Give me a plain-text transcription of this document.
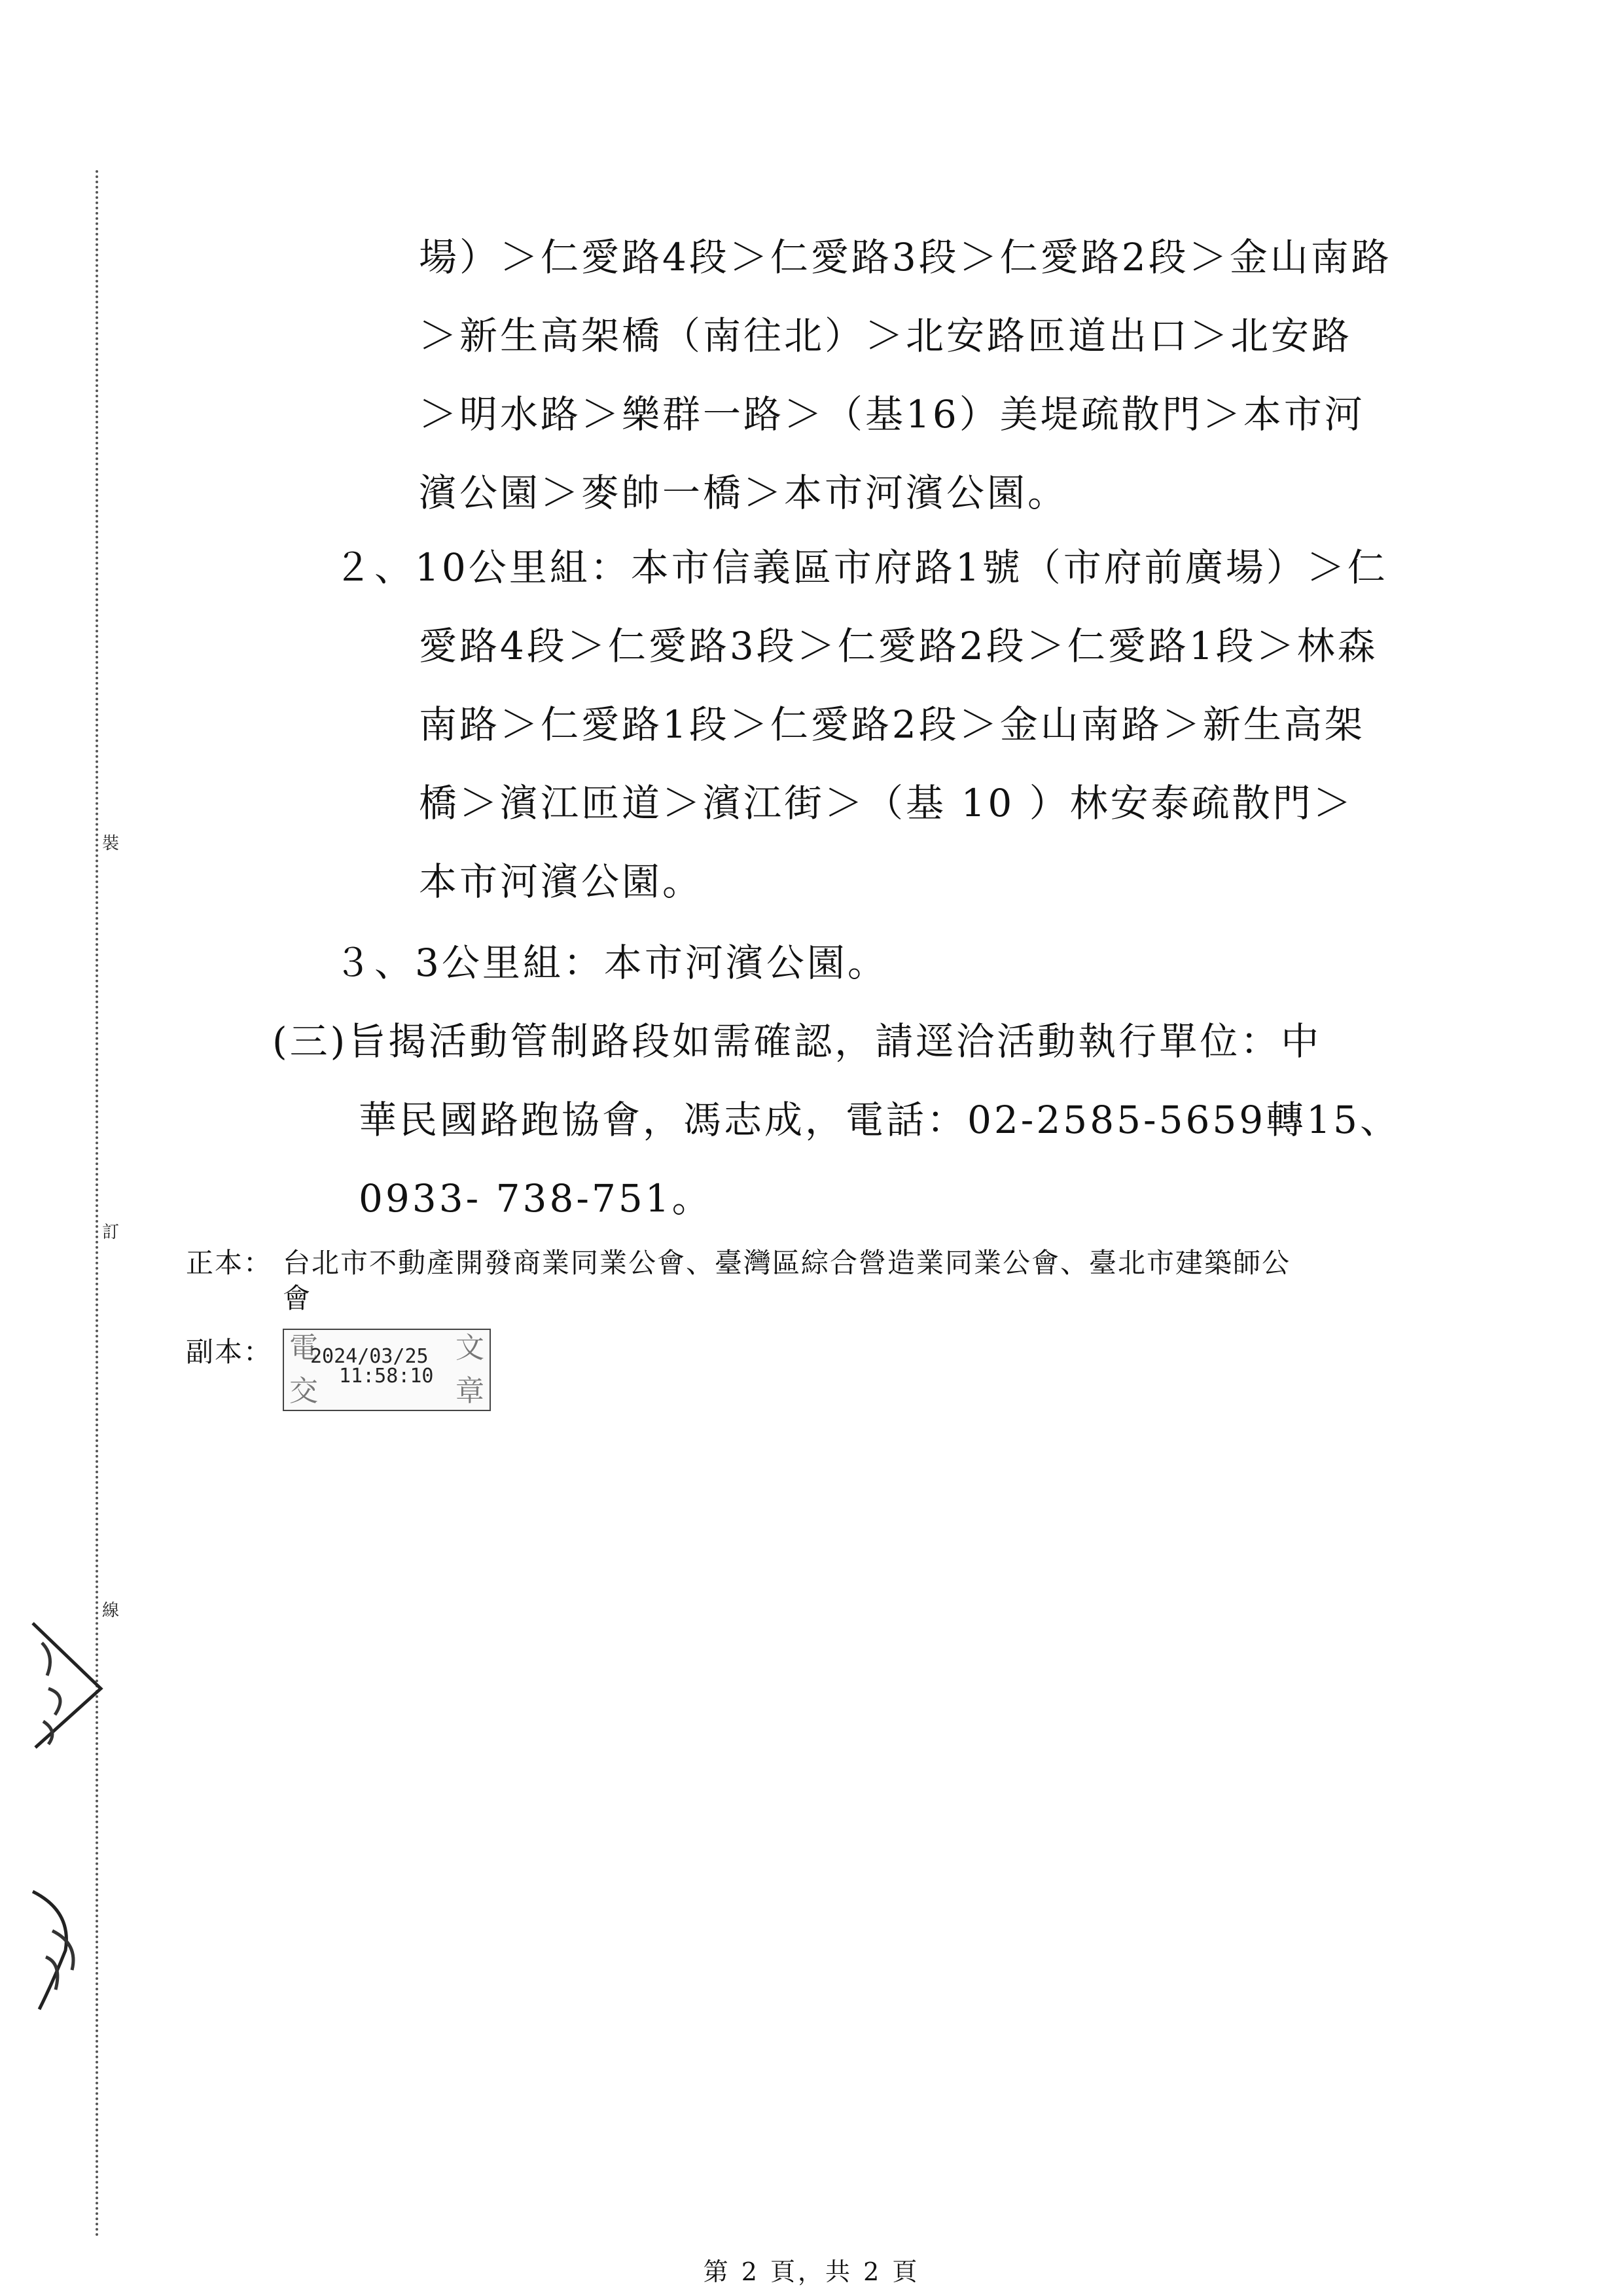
裝
訂
線
場）＞仁愛路4段＞仁愛路3段＞仁愛路2段＞金山南路
＞新生高架橋（南往北）＞北安路匝道出口＞北安路
＞明水路＞樂群一路＞（基16）美堤疏散門＞本市河
濱公園＞麥帥一橋＞本市河濱公園。
２、10公里組：本市信義區市府路1號（市府前廣場）＞仁
愛路4段＞仁愛路3段＞仁愛路2段＞仁愛路1段＞林森
南路＞仁愛路1段＞仁愛路2段＞金山南路＞新生高架
橋＞濱江匝道＞濱江街＞（基 10 ）林安泰疏散門＞
本市河濱公園。
３、3公里組：本市河濱公園。
(三)旨揭活動管制路段如需確認，請逕洽活動執行單位：中
華民國路跑協會，馮志成，電話：02-2585-5659轉15、
0933- 738-751。
正本： 台北市不動產開發商業同業公會、臺灣區綜合營造業同業公會、臺北市建築師公
會
副本： 電	文
交	章
2024/03/25
11:58:10
第 2 頁，共 2 頁
